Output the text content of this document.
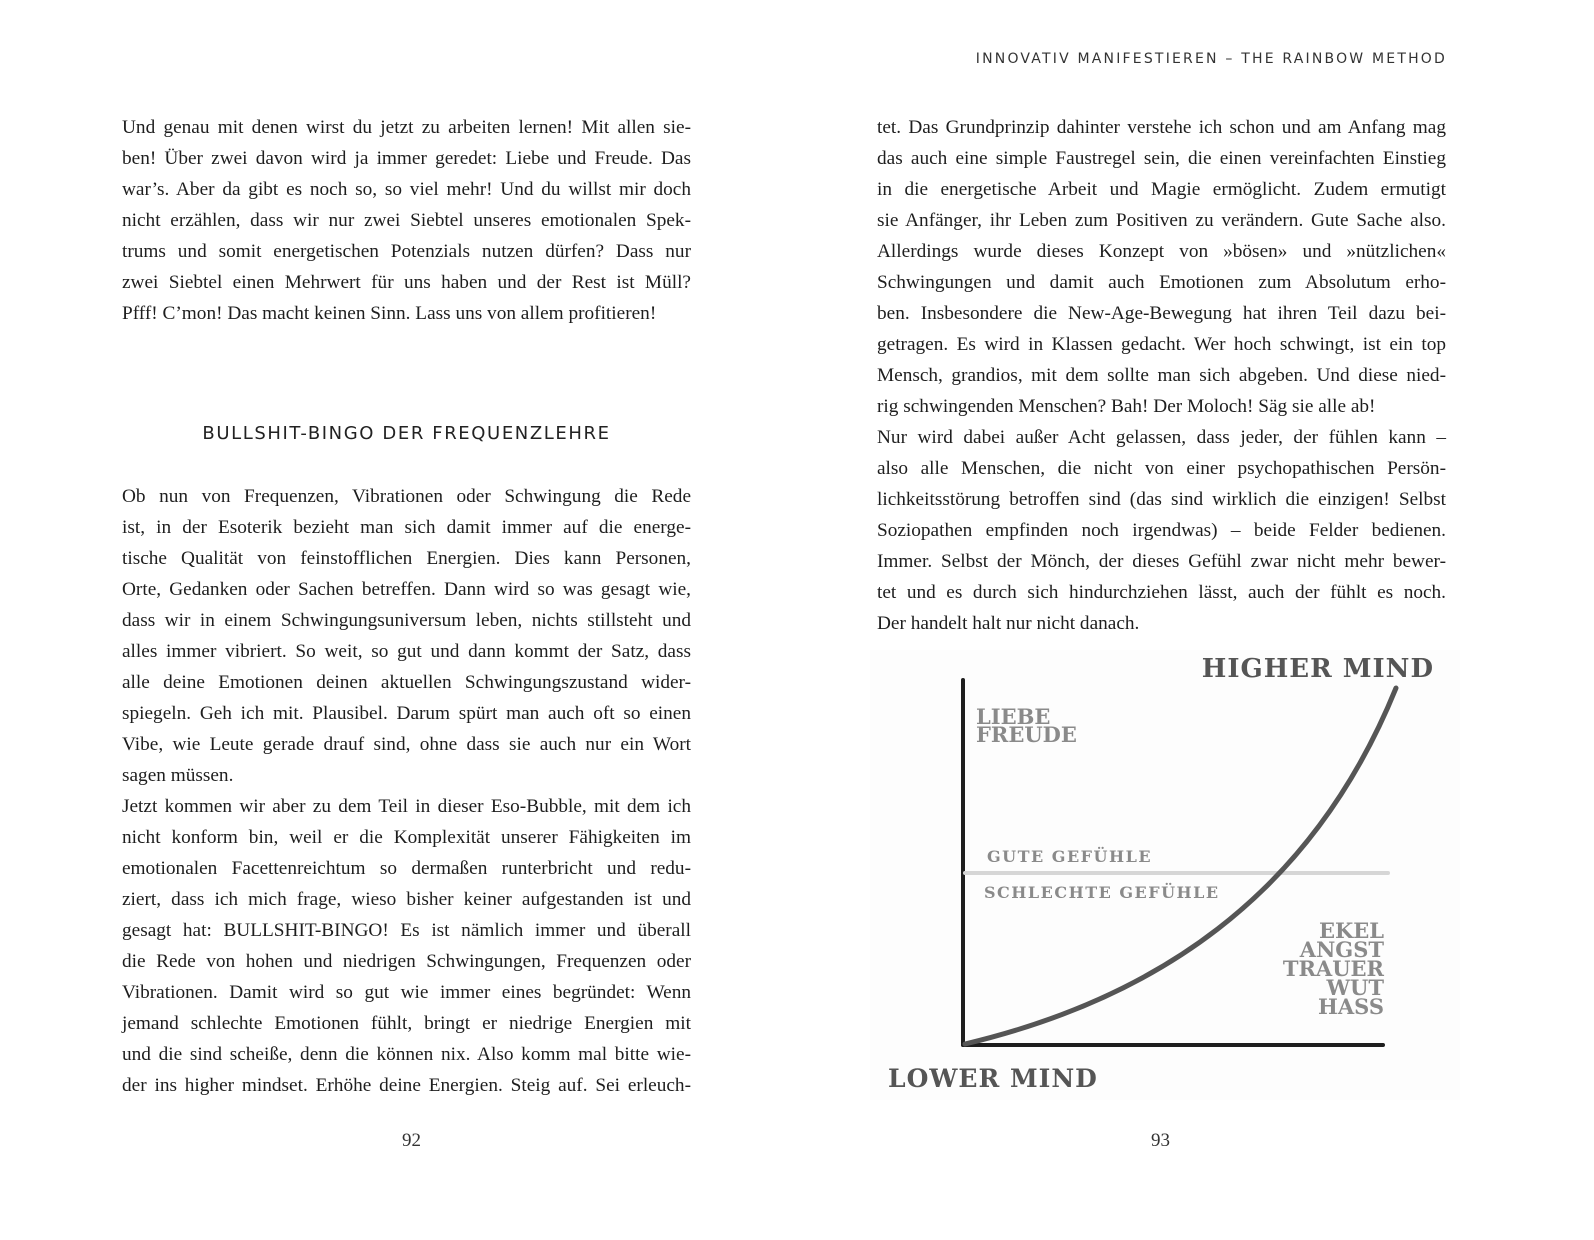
INNOVATIV MANIFESTIEREN – THE RAINBOW METHOD
Und genau mit denen wirst du jetzt zu arbeiten lernen! Mit allen sie-
ben! Über zwei davon wird ja immer geredet: Liebe und Freude. Das
war’s. Aber da gibt es noch so, so viel mehr! Und du willst mir doch
nicht erzählen, dass wir nur zwei Siebtel unseres emotionalen Spek-
trums und somit energetischen Potenzials nutzen dürfen? Dass nur
zwei Siebtel einen Mehrwert für uns haben und der Rest ist Müll?
Pfff! C’mon! Das macht keinen Sinn. Lass uns von allem profitieren!
BULLSHIT-BINGO DER FREQUENZLEHRE
Ob nun von Frequenzen, Vibrationen oder Schwingung die Rede
ist, in der Esoterik bezieht man sich damit immer auf die energe-
tische Qualität von feinstofflichen Energien. Dies kann Personen,
Orte, Gedanken oder Sachen betreffen. Dann wird so was gesagt wie,
dass wir in einem Schwingungsuniversum leben, nichts stillsteht und
alles immer vibriert. So weit, so gut und dann kommt der Satz, dass
alle deine Emotionen deinen aktuellen Schwingungszustand wider-
spiegeln. Geh ich mit. Plausibel. Darum spürt man auch oft so einen
Vibe, wie Leute gerade drauf sind, ohne dass sie auch nur ein Wort
sagen müssen.
Jetzt kommen wir aber zu dem Teil in dieser Eso-Bubble, mit dem ich
nicht konform bin, weil er die Komplexität unserer Fähigkeiten im
emotionalen Facettenreichtum so dermaßen runterbricht und redu-
ziert, dass ich mich frage, wieso bisher keiner aufgestanden ist und
gesagt hat: BULLSHIT-BINGO! Es ist nämlich immer und überall
die Rede von hohen und niedrigen Schwingungen, Frequenzen oder
Vibrationen. Damit wird so gut wie immer eines begründet: Wenn
jemand schlechte Emotionen fühlt, bringt er niedrige Energien mit
und die sind scheiße, denn die können nix. Also komm mal bitte wie-
der ins higher mindset. Erhöhe deine Energien. Steig auf. Sei erleuch-
92
tet. Das Grundprinzip dahinter verstehe ich schon und am Anfang mag
das auch eine simple Faustregel sein, die einen vereinfachten Einstieg
in die energetische Arbeit und Magie ermöglicht. Zudem ermutigt
sie Anfänger, ihr Leben zum Positiven zu verändern. Gute Sache also.
Allerdings wurde dieses Konzept von »bösen» und »nützlichen«
Schwingungen und damit auch Emotionen zum Absolutum erho-
ben. Insbesondere die New-Age-Bewegung hat ihren Teil dazu bei-
getragen. Es wird in Klassen gedacht. Wer hoch schwingt, ist ein top
Mensch, grandios, mit dem sollte man sich abgeben. Und diese nied-
rig schwingenden Menschen? Bah! Der Moloch! Säg sie alle ab!
Nur wird dabei außer Acht gelassen, dass jeder, der fühlen kann –
also alle Menschen, die nicht von einer psychopathischen Persön-
lichkeitsstörung betroffen sind (das sind wirklich die einzigen! Selbst
Soziopathen empfinden noch irgendwas) – beide Felder bedienen.
Immer. Selbst der Mönch, der dieses Gefühl zwar nicht mehr bewer-
tet und es durch sich hindurchziehen lässt, auch der fühlt es noch.
Der handelt halt nur nicht danach.
HIGHER MIND
LOWER MIND
LIEBE
FREUDE
GUTE GEFÜHLE
SCHLECHTE GEFÜHLE
EKEL
ANGST
TRAUER
WUT
HASS
93
